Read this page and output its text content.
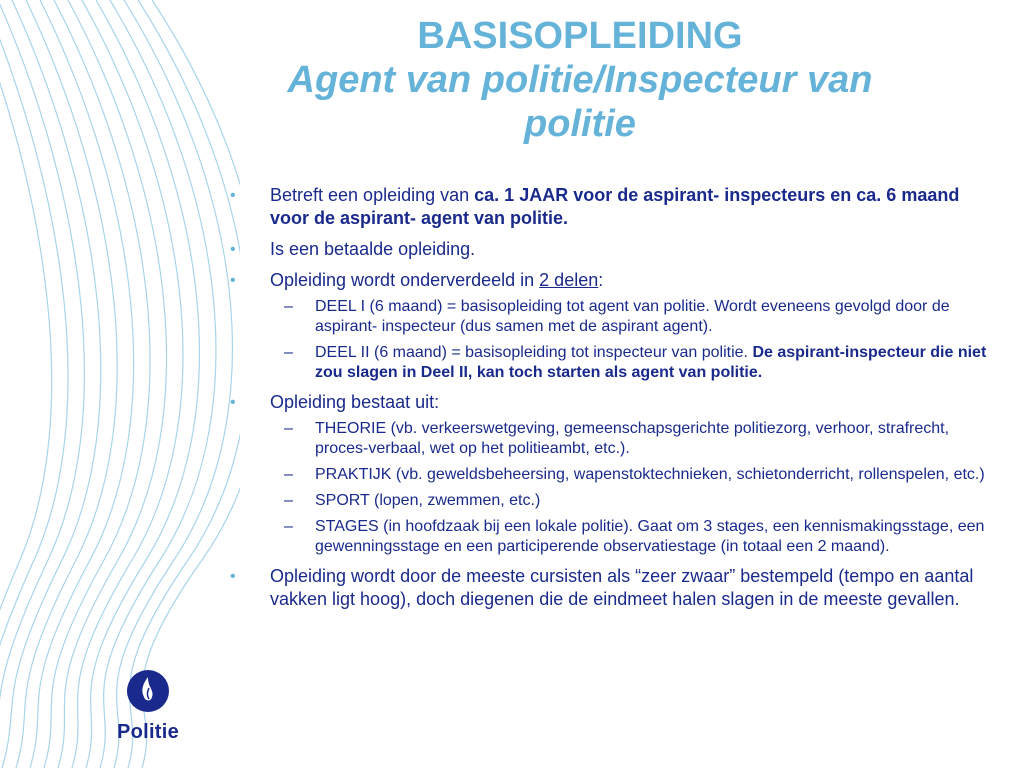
BASISOPLEIDING
Agent van politie/Inspecteur van
politie
• Betreft een opleiding van ca. 1 JAAR voor de aspirant- inspecteurs en ca. 6 maand voor de aspirant- agent van politie.
• Is een betaalde opleiding.
• Opleiding wordt onderverdeeld in 2 delen:
– DEEL I (6 maand) = basisopleiding tot agent van politie. Wordt eveneens gevolgd door de aspirant- inspecteur (dus samen met de aspirant agent).
– DEEL II (6 maand) = basisopleiding tot inspecteur van politie. De aspirant-inspecteur die niet zou slagen in Deel II, kan toch starten als agent van politie.
• Opleiding bestaat uit:
– THEORIE (vb. verkeerswetgeving, gemeenschapsgerichte politiezorg, verhoor, strafrecht, proces-verbaal, wet op het politieambt, etc.).
– PRAKTIJK (vb. geweldsbeheersing, wapenstoktechnieken, schietonderricht, rollenspelen, etc.)
– SPORT (lopen, zwemmen, etc.)
– STAGES (in hoofdzaak bij een lokale politie). Gaat om 3 stages, een kennismakingsstage, een gewenningsstage en een participerende observatiestage (in totaal een 2 maand).
• Opleiding wordt door de meeste cursisten als “zeer zwaar” bestempeld (tempo en aantal vakken ligt hoog), doch diegenen die de eindmeet halen slagen in de meeste gevallen.
Politie
